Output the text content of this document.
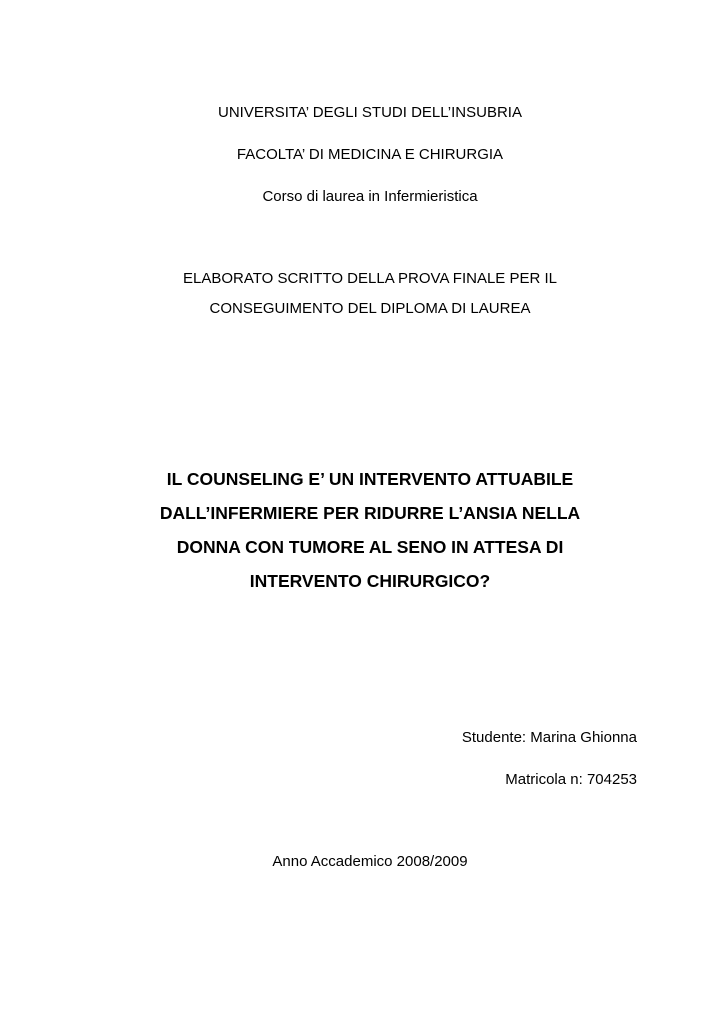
UNIVERSITA’ DEGLI STUDI DELL’INSUBRIA
FACOLTA’ DI MEDICINA E CHIRURGIA
Corso di laurea in Infermieristica
ELABORATO SCRITTO DELLA PROVA FINALE PER IL
CONSEGUIMENTO DEL DIPLOMA DI LAUREA
IL COUNSELING E’ UN INTERVENTO ATTUABILE
DALL’INFERMIERE PER RIDURRE L’ANSIA NELLA
DONNA CON TUMORE AL SENO IN ATTESA DI
INTERVENTO CHIRURGICO?
Studente: Marina Ghionna
Matricola n: 704253
Anno Accademico 2008/2009
